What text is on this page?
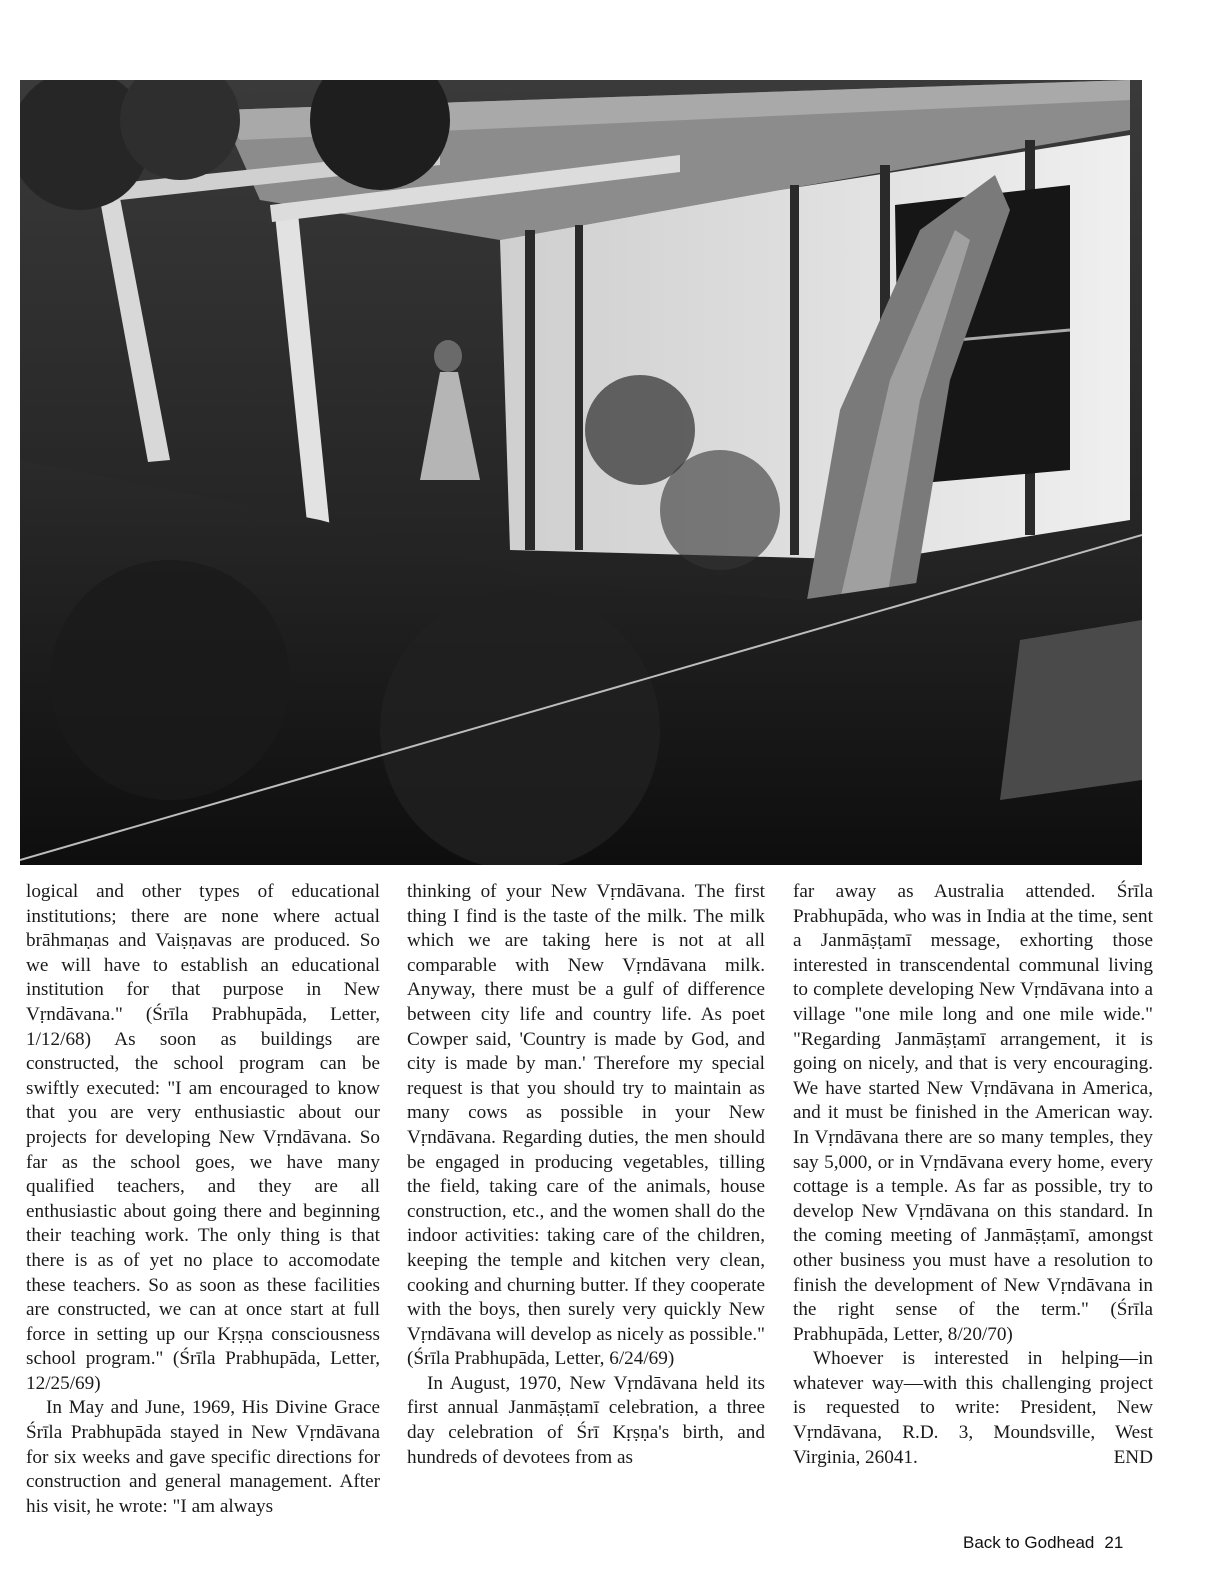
logical and other types of educational institutions; there are none where actual brāhmaṇas and Vaiṣṇavas are produced. So we will have to establish an educational institution for that purpose in New Vṛndāvana." (Śrīla Prabhupāda, Letter, 1/12/68) As soon as buildings are constructed, the school program can be swiftly executed: "I am encouraged to know that you are very enthusiastic about our projects for developing New Vṛndāvana. So far as the school goes, we have many qualified teachers, and they are all enthusiastic about going there and beginning their teaching work. The only thing is that there is as of yet no place to accomodate these teachers. So as soon as these facilities are constructed, we can at once start at full force in setting up our Kṛṣṇa consciousness school program." (Śrīla Prabhupāda, Letter, 12/25/69)

In May and June, 1969, His Divine Grace Śrīla Prabhupāda stayed in New Vṛndāvana for six weeks and gave specific directions for construction and general management. After his visit, he wrote: "I am always

thinking of your New Vṛndāvana. The first thing I find is the taste of the milk. The milk which we are taking here is not at all comparable with New Vṛndāvana milk. Anyway, there must be a gulf of difference between city life and country life. As poet Cowper said, 'Country is made by God, and city is made by man.' Therefore my special request is that you should try to maintain as many cows as possible in your New Vṛndāvana. Regarding duties, the men should be engaged in producing vegetables, tilling the field, taking care of the animals, house construction, etc., and the women shall do the indoor activities: taking care of the children, keeping the temple and kitchen very clean, cooking and churning butter. If they cooperate with the boys, then surely very quickly New Vṛndāvana will develop as nicely as possible." (Śrīla Prabhupāda, Letter, 6/24/69)

In August, 1970, New Vṛndāvana held its first annual Janmāṣṭamī celebration, a three day celebration of Śrī Kṛṣṇa's birth, and hundreds of devotees from as

far away as Australia attended. Śrīla Prabhupāda, who was in India at the time, sent a Janmāṣṭamī message, exhorting those interested in transcendental communal living to complete developing New Vṛndāvana into a village "one mile long and one mile wide." "Regarding Janmāṣṭamī arrangement, it is going on nicely, and that is very encouraging. We have started New Vṛndāvana in America, and it must be finished in the American way. In Vṛndāvana there are so many temples, they say 5,000, or in Vṛndāvana every home, every cottage is a temple. As far as possible, try to develop New Vṛndāvana on this standard. In the coming meeting of Janmāṣṭamī, amongst other business you must have a resolution to finish the development of New Vṛndāvana in the right sense of the term." (Śrīla Prabhupāda, Letter, 8/20/70)

Whoever is interested in helping—in whatever way—with this challenging project is requested to write: President, New Vṛndāvana, R.D. 3, Moundsville, West Virginia, 26041.	END

Back to Godhead 21
